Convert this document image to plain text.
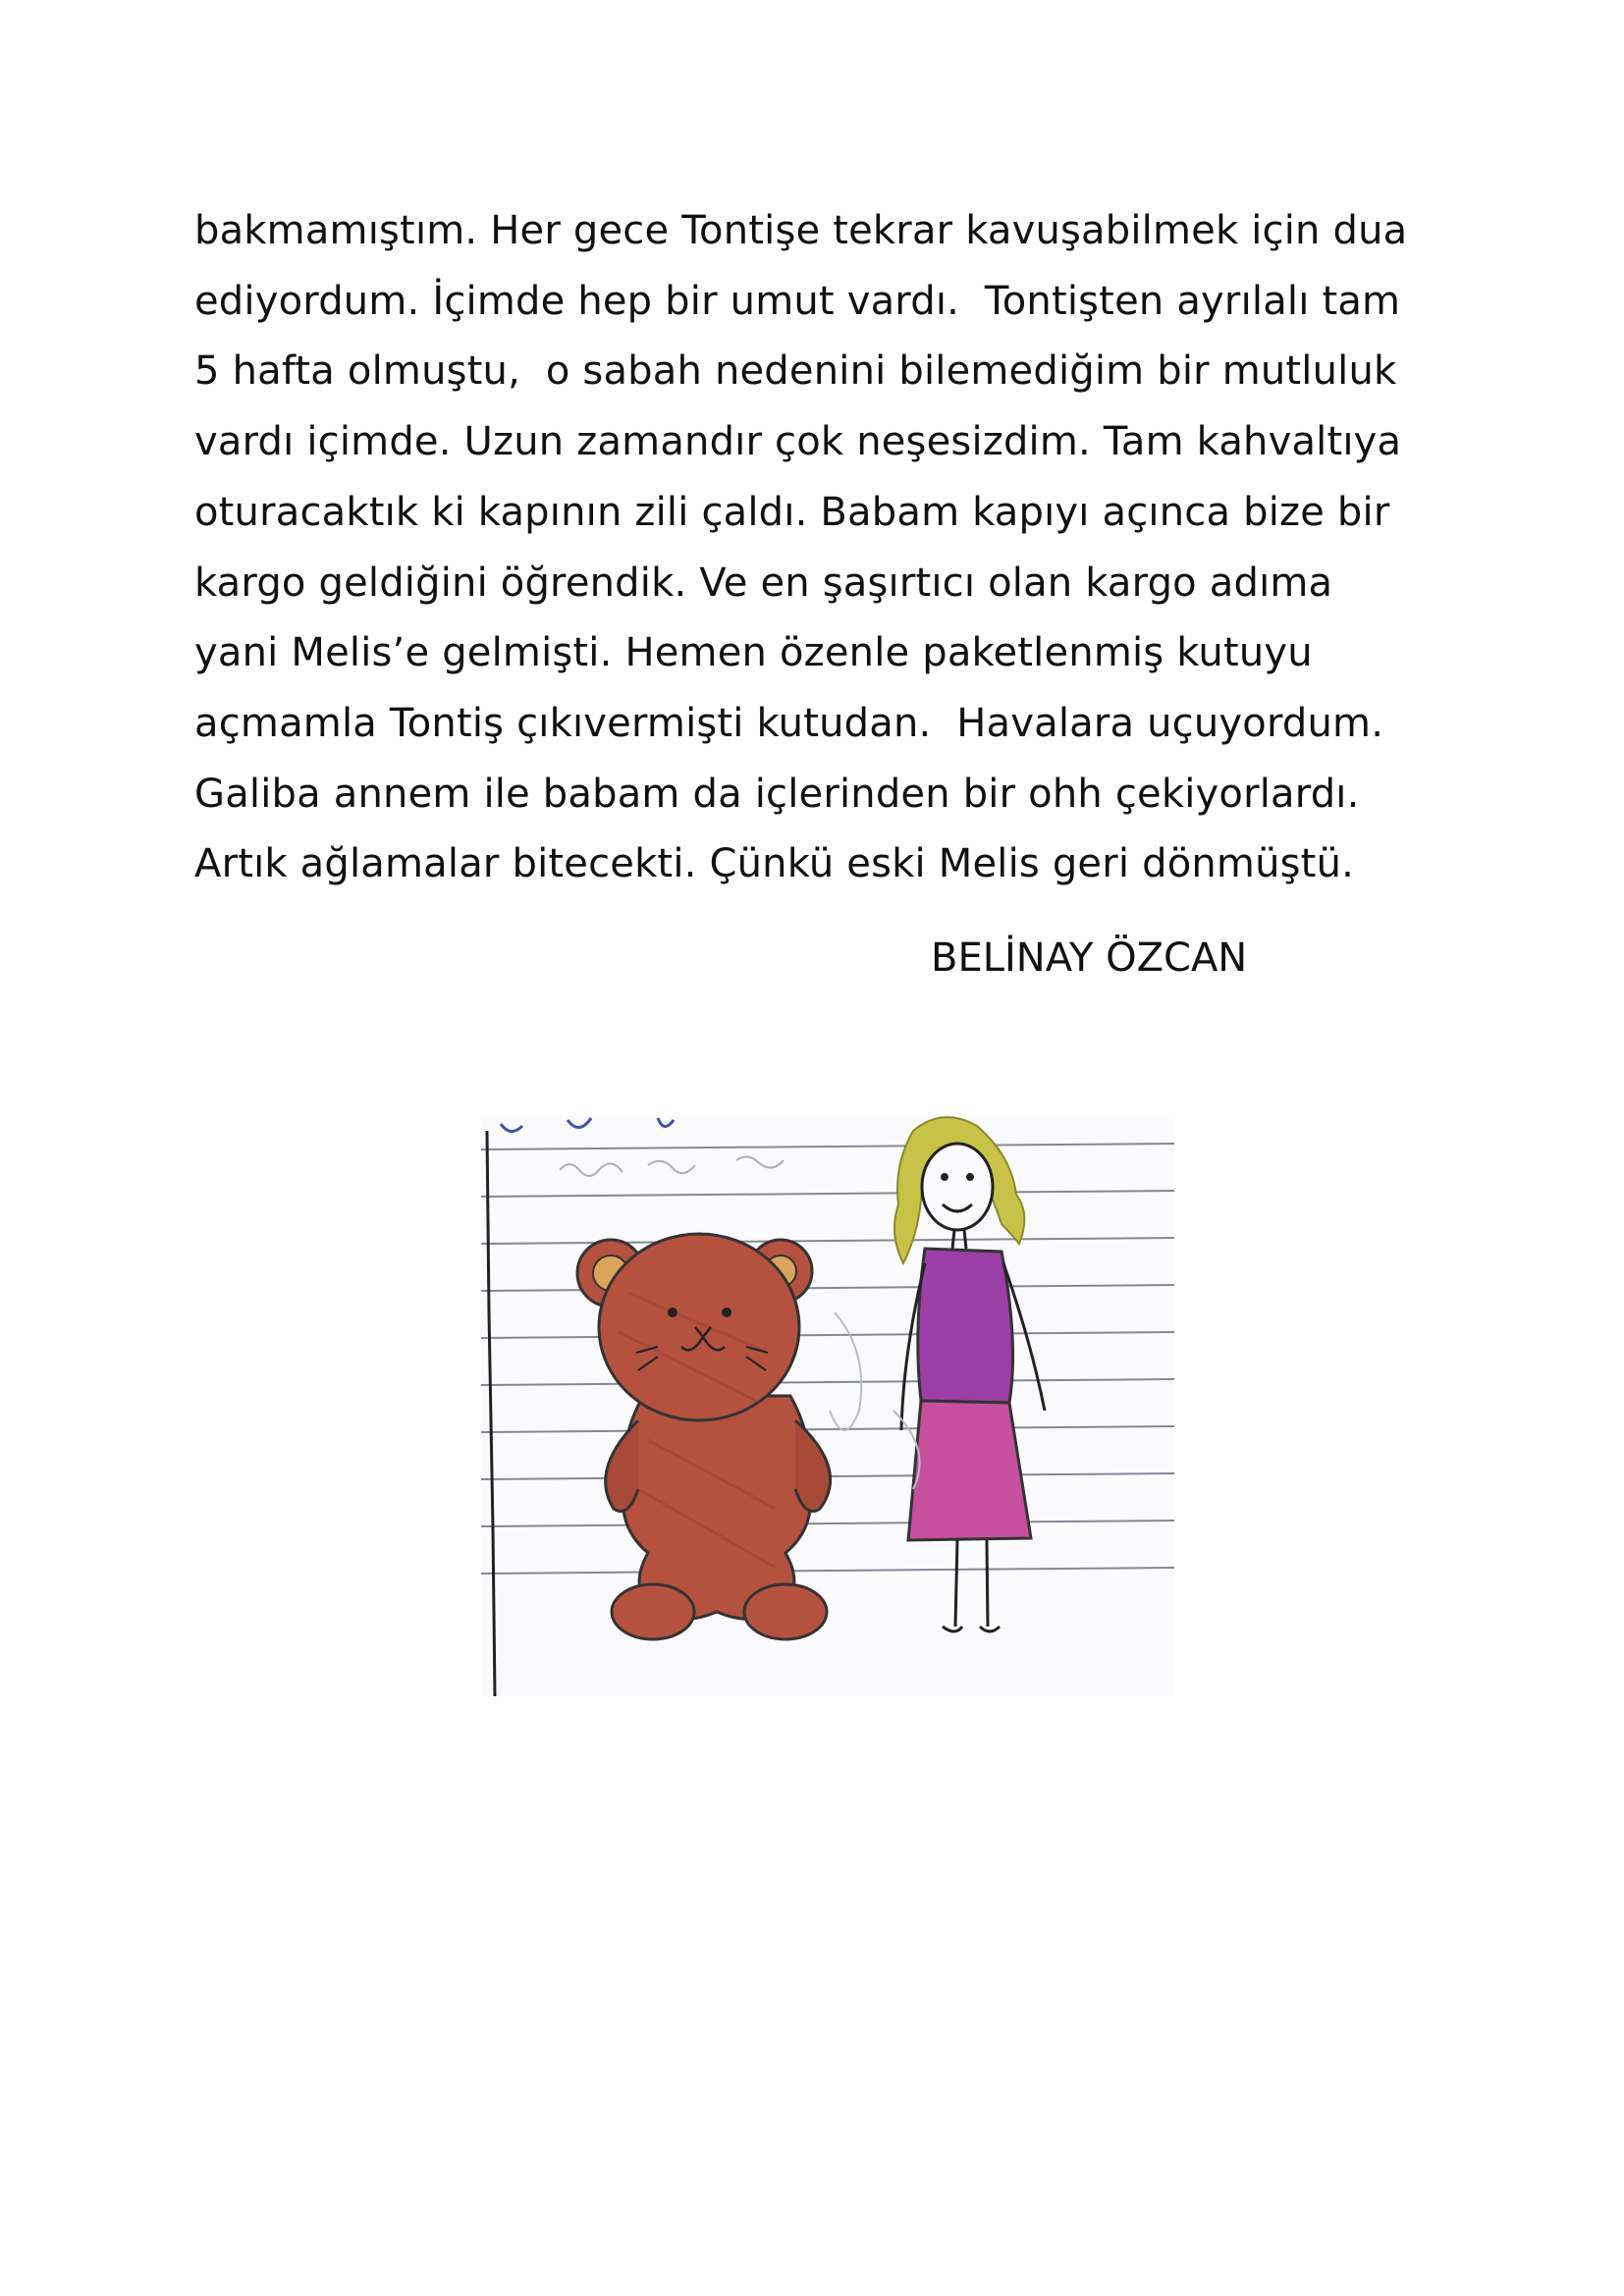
bakmamıştım. Her gece Tontişe tekrar kavuşabilmek için dua
ediyordum. İçimde hep bir umut vardı.  Tontişten ayrılalı tam
5 hafta olmuştu,  o sabah nedenini bilemediğim bir mutluluk
vardı içimde. Uzun zamandır çok neşesizdim. Tam kahvaltıya
oturacaktık ki kapının zili çaldı. Babam kapıyı açınca bize bir
kargo geldiğini öğrendik. Ve en şaşırtıcı olan kargo adıma
yani Melis’e gelmişti. Hemen özenle paketlenmiş kutuyu
açmamla Tontiş çıkıvermişti kutudan.  Havalara uçuyordum.
Galiba annem ile babam da içlerinden bir ohh çekiyorlardı.
Artık ağlamalar bitecekti. Çünkü eski Melis geri dönmüştü.
BELİNAY ÖZCAN
